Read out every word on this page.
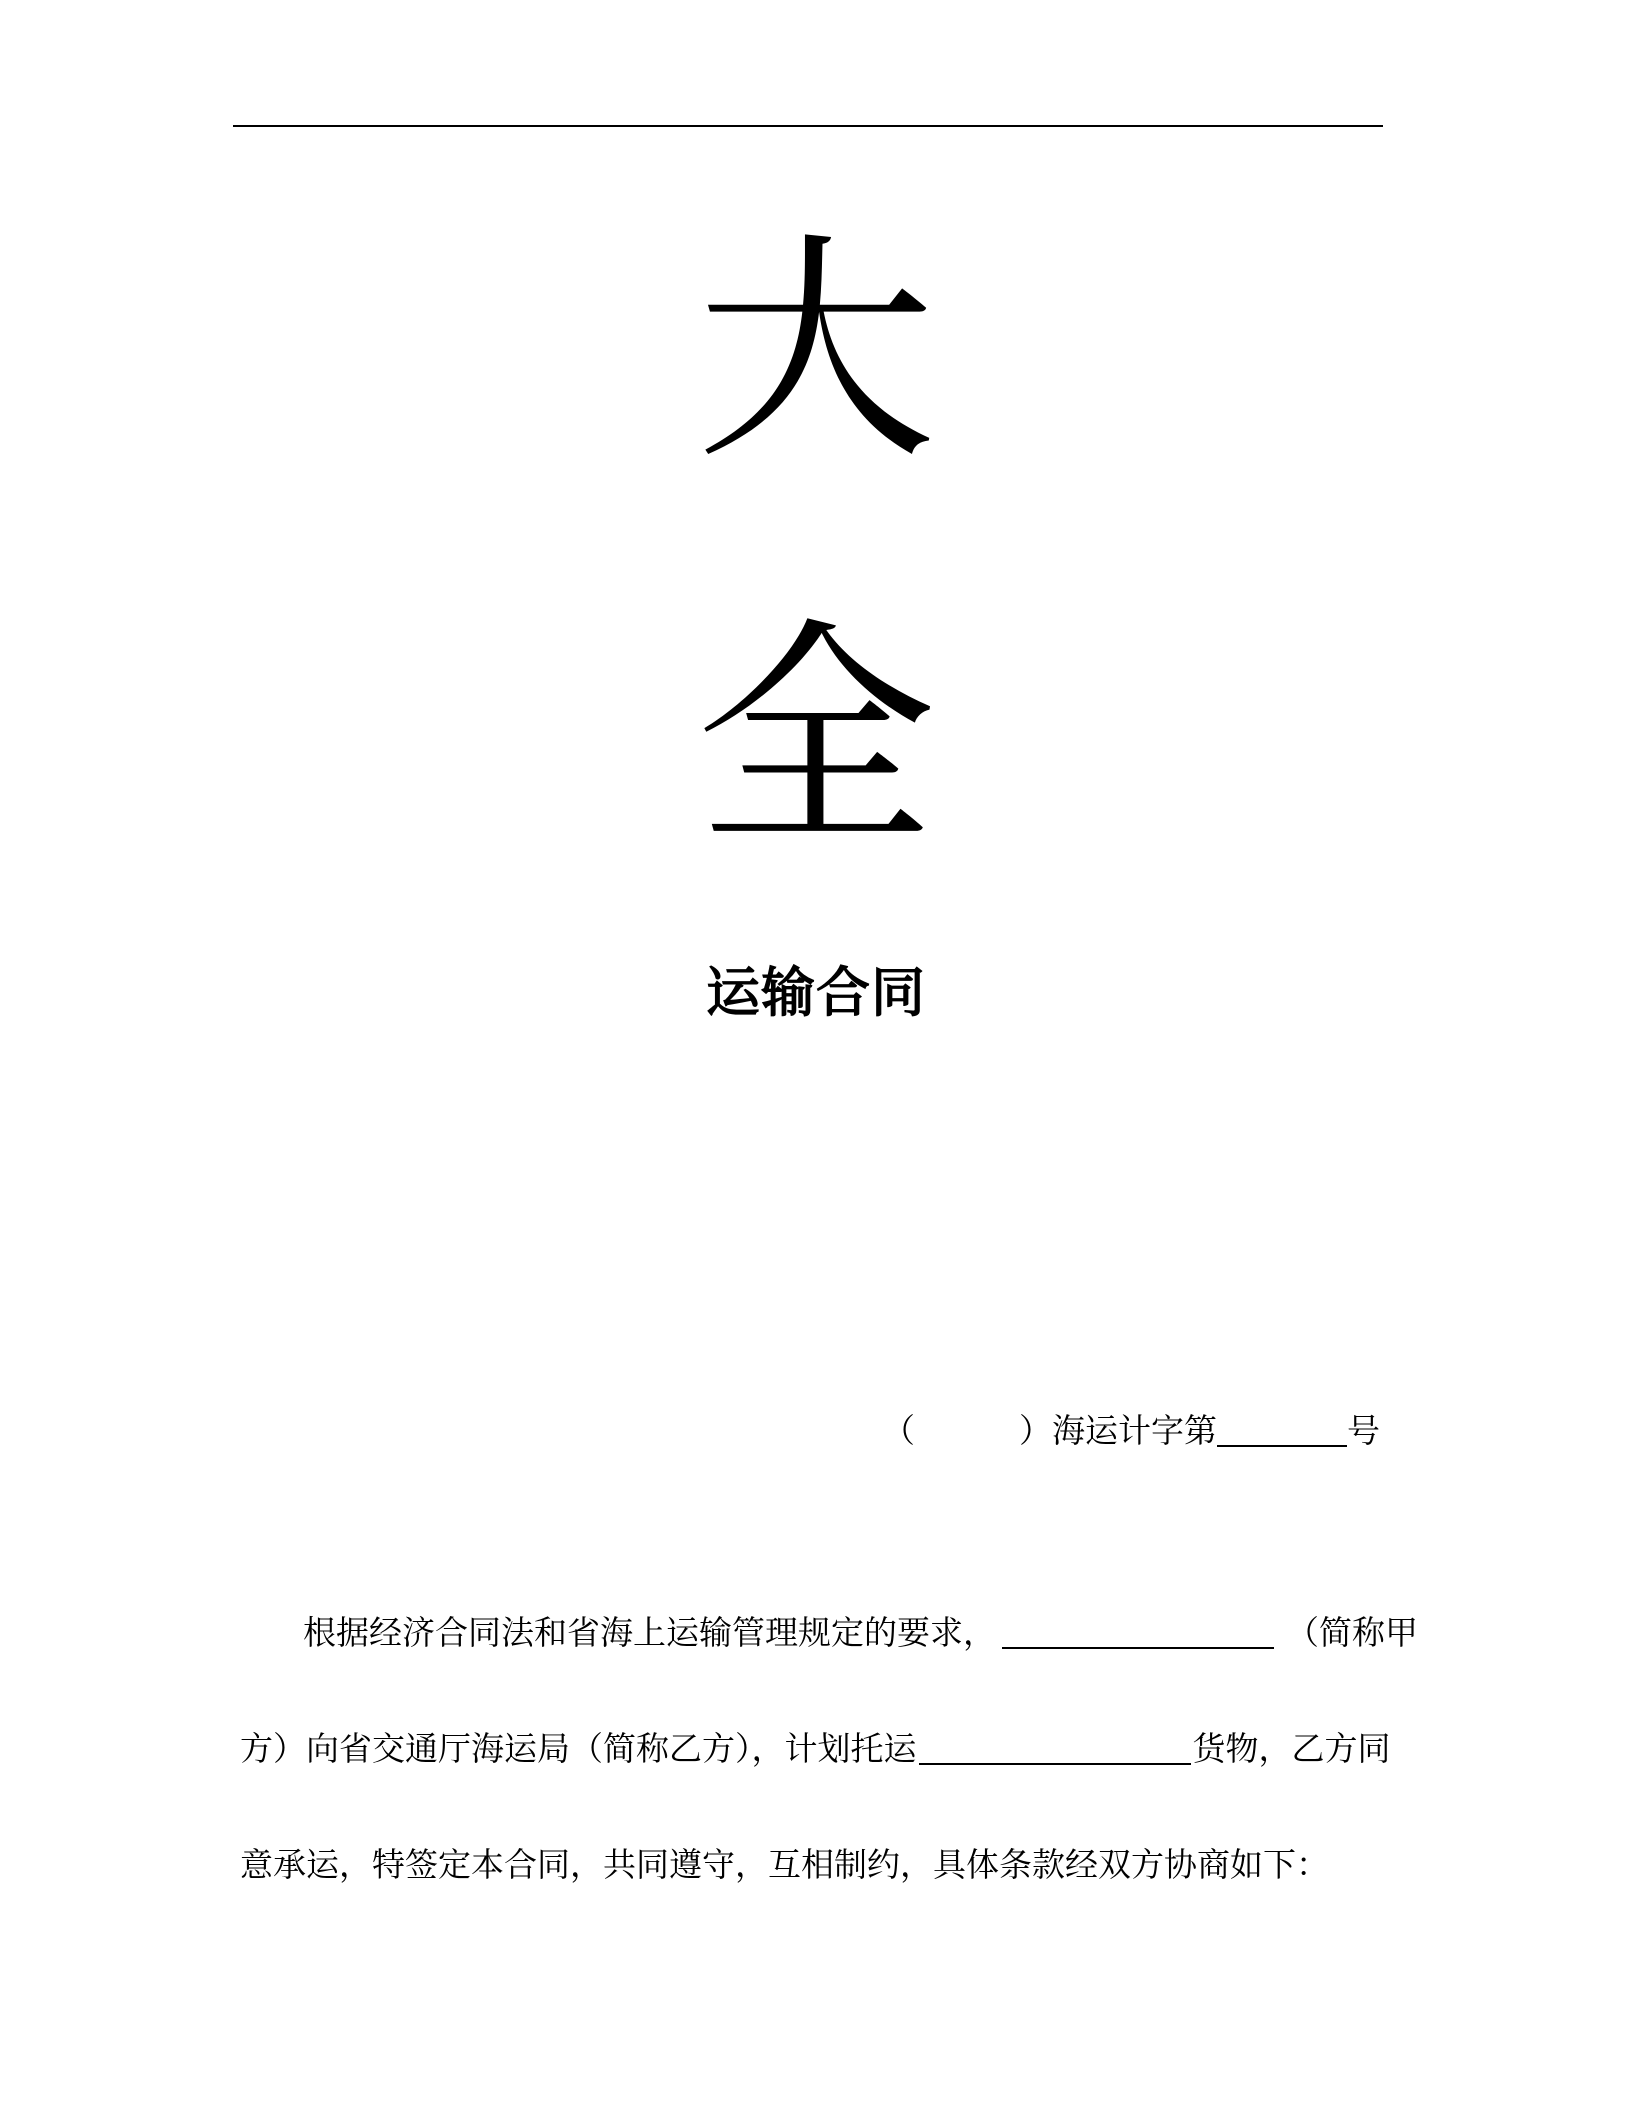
大
全
运输合同
（	） 海运计字第	号
根据经济合同法和省海上运输管理规定的要求，	（简称甲
方）向省交通厅海运局（简称乙方），计划托运	货物，乙方同
意承运，特签定本合同，共同遵守，互相制约，具体条款经双方协商如下：
